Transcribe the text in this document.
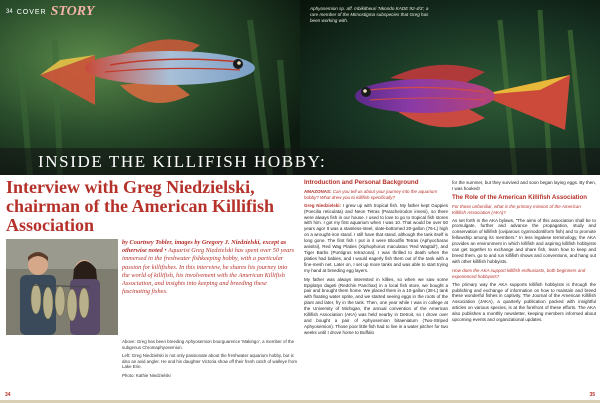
34 COVER STORY	Aphyosemion sp. aff. mbikitheuri 'Nkondo KADE 92-4/3', a rare member of the Mimostigma subspecies that Greg has been working with.
INSIDE THE KILLIFISH HOBBY:
Interview with Greg Niedzielski, chairman of the American Killifish Association
by Courtney Tobler, images by Gregory J. Niedzielski, except as otherwise noted • Aquarist Greg Niedzielski has spent over 50 years immersed in the freshwater fishkeeping hobby, with a particular passion for killifishes. In this interview, he shares his journey into the world of killifish, his involvement with the American Killifish Association, and insights into keeping and breeding these fascinating fishes.

Above: Greg has been breeding Aphyosemion bourguarence 'Makingo', a member of the subgenus Chromaphyosemion.

Left: Greg Niedzielski is not only passionate about the freshwater aquarium hobby, but is also an avid angler. He and his daughter Victoria show off their fresh catch of walleye from Lake Erie.

Photo: Kathie Niedzielski

34
Introduction and Personal Background
AMAZONAS: Can you tell us about your journey into the aquarium hobby? What drew you to killifish specifically?
Greg Niedzielski: I grew up with tropical fish. My father kept Guppies (Poecilia reticulata) and Neon Tetras (Paracheirodon innesi), so there were always fish in our house. I used to love to go to tropical fish stores with him. I got my first aquarium when I was 10. That would be over 50 years ago! It was a stainless-steel, slate-bottomed 20-gallon (76-L) high on a wrought-iron stand. I still have that stand, although the tank itself is long gone. The first fish I put in it were Bloodfin Tetras (Aphyocharax anisitsi), Red Wag Platies (Xiphophorus maculatus 'Red Wagtail'), and Tiger Barbs (Puntigrus tetrazona). I was thrilled to death when the platies had babies, and I would eagerly fish them out of the tank with a fine-mesh net. Later on, I set up more tanks and was able to start trying my hand at breeding egg layers.
My father was always interested in killies, so when we saw some Epiplatys dageti (Redchin Panchax) in a local fish store, we bought a pair and brought them home. We placed them in a 10-gallon (38-L) tank with floating water sprite, and we started seeing eggs in the roots of the plant and later, fry in the tank. Then, one year while I was in college at the University of Michigan, the annual convention of the American Killifish Association (AKA) was held nearby in Detroit, so I drove over and bought a pair of Aphyosemion bitaeniatum (Two-Striped Aphyosemion). Those poor little fish had to live in a water pitcher for two weeks until I drove home to Buffalo
for the summer, but they survived and soon began laying eggs. By then, I was hooked!
The Role of the American Killifish Association
For those unfamiliar, what is the primary mission of the American Killifish Association (AKA)?
As set forth in the AKA bylaws, "The aims of this association shall be to promulgate, further and advance the propagation, study and conservation of killifish (oviparous cyprinodontiform fish) and to promote fellowship among its members." In less legalese terminology, the AKA provides an environment in which killifish and aspiring killifish hobbyists can get together to exchange and share fish, learn how to keep and breed them, go to and run killifish shows and conventions, and hang out with other killifish hobbyists.
How does the AKA support killifish enthusiasts, both beginners and experienced hobbyists?
The primary way the AKA supports killifish hobbyists is through the publishing and exchange of information on how to maintain and breed these wonderful fishes in captivity. The Journal of the American Killifish Association (JAKA), a quarterly publication packed with insightful articles on various species, is at the forefront of these efforts. The AKA also publishes a monthly newsletter, keeping members informed about upcoming events and organizational updates.
35
